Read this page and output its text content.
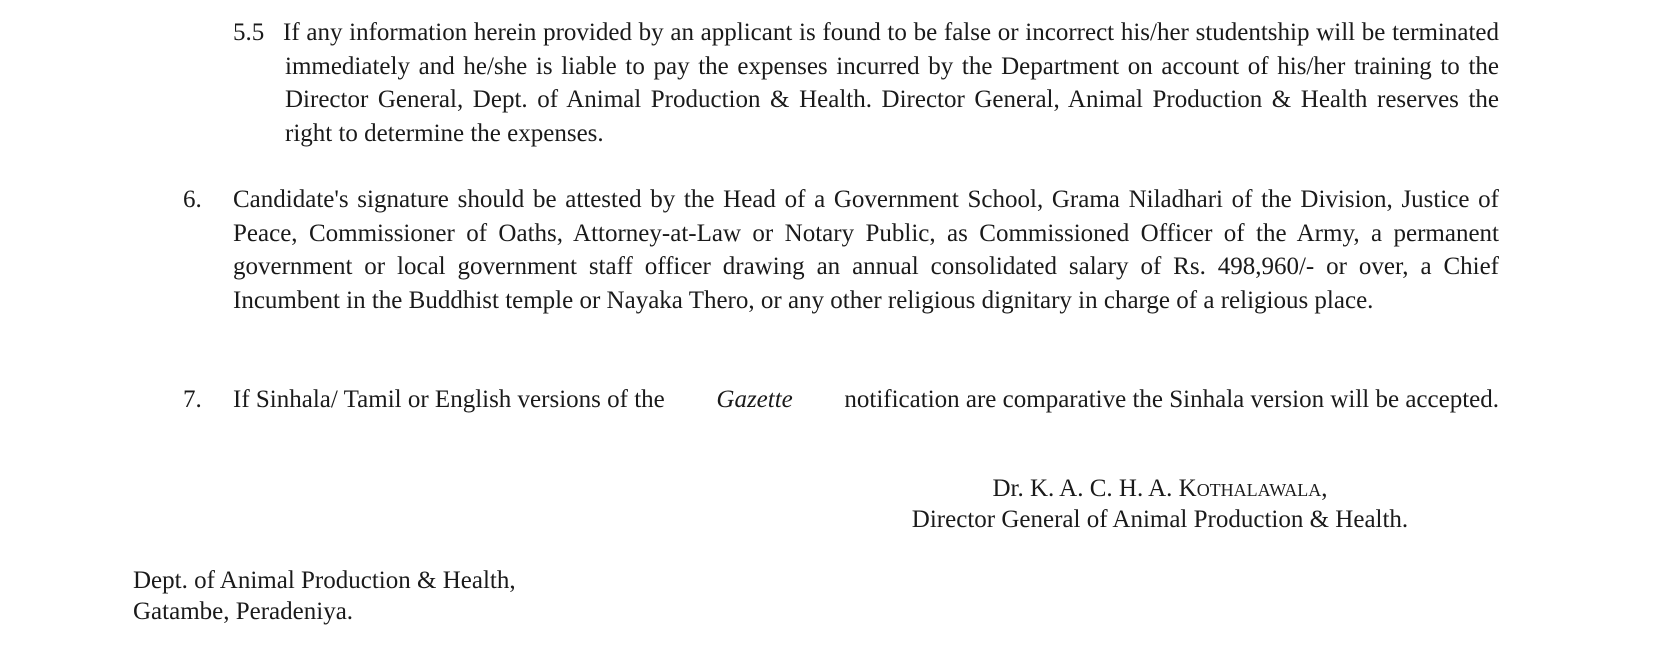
5.5 If any information herein provided by an applicant is found to be false or incorrect his/her studentship will be terminated immediately and he/she is liable to pay the expenses incurred by the Department on account of his/her training to the Director General, Dept. of Animal Production & Health. Director General, Animal Production & Health reserves the right to determine the expenses.
6. Candidate's signature should be attested by the Head of a Government School, Grama Niladhari of the Division, Justice of Peace, Commissioner of Oaths, Attorney-at-Law or Notary Public, as Commissioned Officer of the Army, a permanent government or local government staff officer drawing an annual consolidated salary of Rs. 498,960/- or over, a Chief Incumbent in the Buddhist temple or Nayaka Thero, or any other religious dignitary in charge of a religious place.
7. If Sinhala/ Tamil or English versions of the Gazette notification are comparative the Sinhala version will be accepted.
Dr. K. A. C. H. A. Kothalawala,
Director General of Animal Production & Health.
Dept. of Animal Production & Health,
Gatambe, Peradeniya.
